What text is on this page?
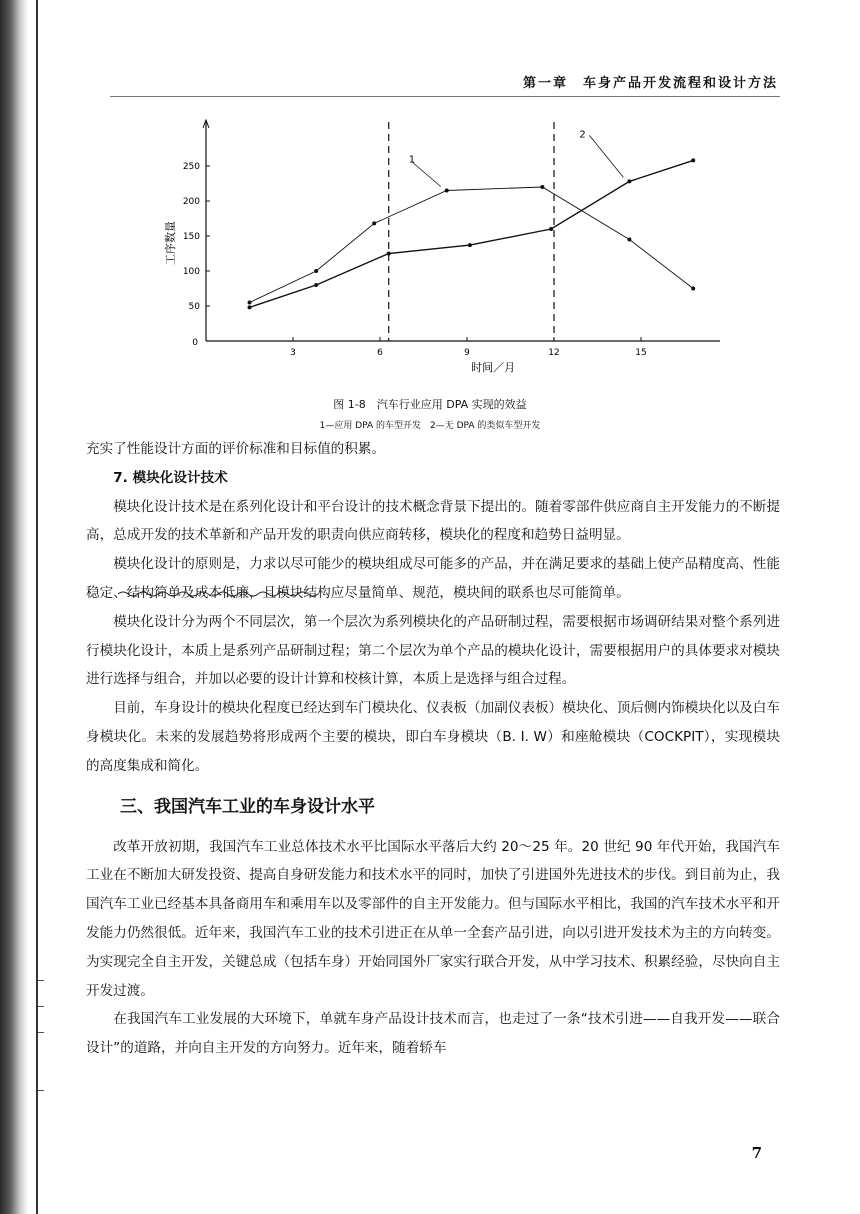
第一章　车身产品开发流程和设计方法
1
2
3	6	9	12	15
50
100
150
200
250
0
时间／月
工序数量
图 1-8　汽车行业应用 DPA 实现的效益
1—应用 DPA 的车型开发　2—无 DPA 的类似车型开发

充实了性能设计方面的评价标准和目标值的积累。

7. 模块化设计技术

模块化设计技术是在系列化设计和平台设计的技术概念背景下提出的。随着零部件供应商自主开发能力的不断提高，总成开发的技术革新和产品开发的职责向供应商转移，模块化的程度和趋势日益明显。

模块化设计的原则是，力求以尽可能少的模块组成尽可能多的产品，并在满足要求的基础上使产品精度高、性能稳定、结构简单及成本低廉，且模块结构应尽量简单、规范，模块间的联系也尽可能简单。

模块化设计分为两个不同层次，第一个层次为系列模块化的产品研制过程，需要根据市场调研结果对整个系列进行模块化设计，本质上是系列产品研制过程；第二个层次为单个产品的模块化设计，需要根据用户的具体要求对模块进行选择与组合，并加以必要的设计计算和校核计算，本质上是选择与组合过程。

目前，车身设计的模块化程度已经达到车门模块化、仪表板（加副仪表板）模块化、顶后侧内饰模块化以及白车身模块化。未来的发展趋势将形成两个主要的模块，即白车身模块（B. I. W）和座舱模块（COCKPIT），实现模块的高度集成和简化。

三、我国汽车工业的车身设计水平

改革开放初期，我国汽车工业总体技术水平比国际水平落后大约 20～25 年。20 世纪 90 年代开始，我国汽车工业在不断加大研发投资、提高自身研发能力和技术水平的同时，加快了引进国外先进技术的步伐。到目前为止，我国汽车工业已经基本具备商用车和乘用车以及零部件的自主开发能力。但与国际水平相比，我国的汽车技术水平和开发能力仍然很低。近年来，我国汽车工业的技术引进正在从单一全套产品引进，向以引进开发技术为主的方向转变。为实现完全自主开发，关键总成（包括车身）开始同国外厂家实行联合开发，从中学习技术、积累经验，尽快向自主开发过渡。

在我国汽车工业发展的大环境下，单就车身产品设计技术而言，也走过了一条“技术引进——自我开发——联合设计”的道路，并向自主开发的方向努力。近年来，随着轿车

7
